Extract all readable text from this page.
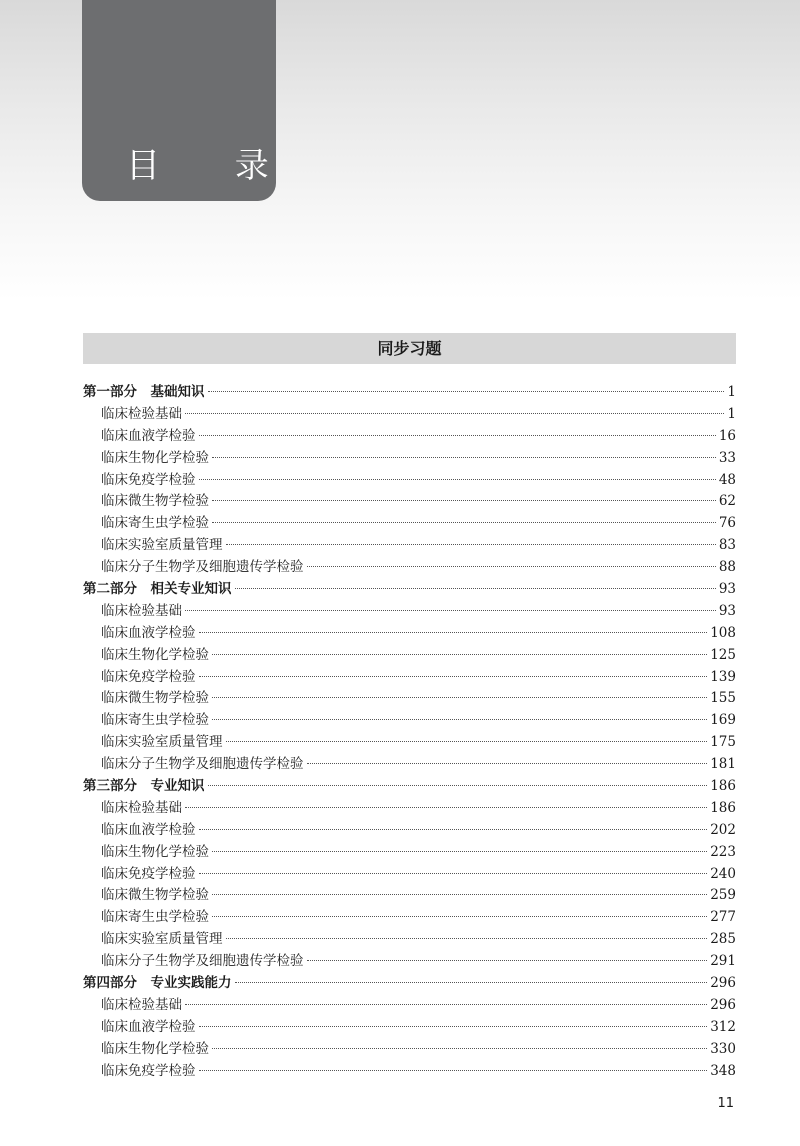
目 录
同步习题
第一部分　基础知识	1
临床检验基础	1
临床血液学检验	16
临床生物化学检验	33
临床免疫学检验	48
临床微生物学检验	62
临床寄生虫学检验	76
临床实验室质量管理	83
临床分子生物学及细胞遗传学检验	88
第二部分　相关专业知识	93
临床检验基础	93
临床血液学检验	108
临床生物化学检验	125
临床免疫学检验	139
临床微生物学检验	155
临床寄生虫学检验	169
临床实验室质量管理	175
临床分子生物学及细胞遗传学检验	181
第三部分　专业知识	186
临床检验基础	186
临床血液学检验	202
临床生物化学检验	223
临床免疫学检验	240
临床微生物学检验	259
临床寄生虫学检验	277
临床实验室质量管理	285
临床分子生物学及细胞遗传学检验	291
第四部分　专业实践能力	296
临床检验基础	296
临床血液学检验	312
临床生物化学检验	330
临床免疫学检验	348
11
